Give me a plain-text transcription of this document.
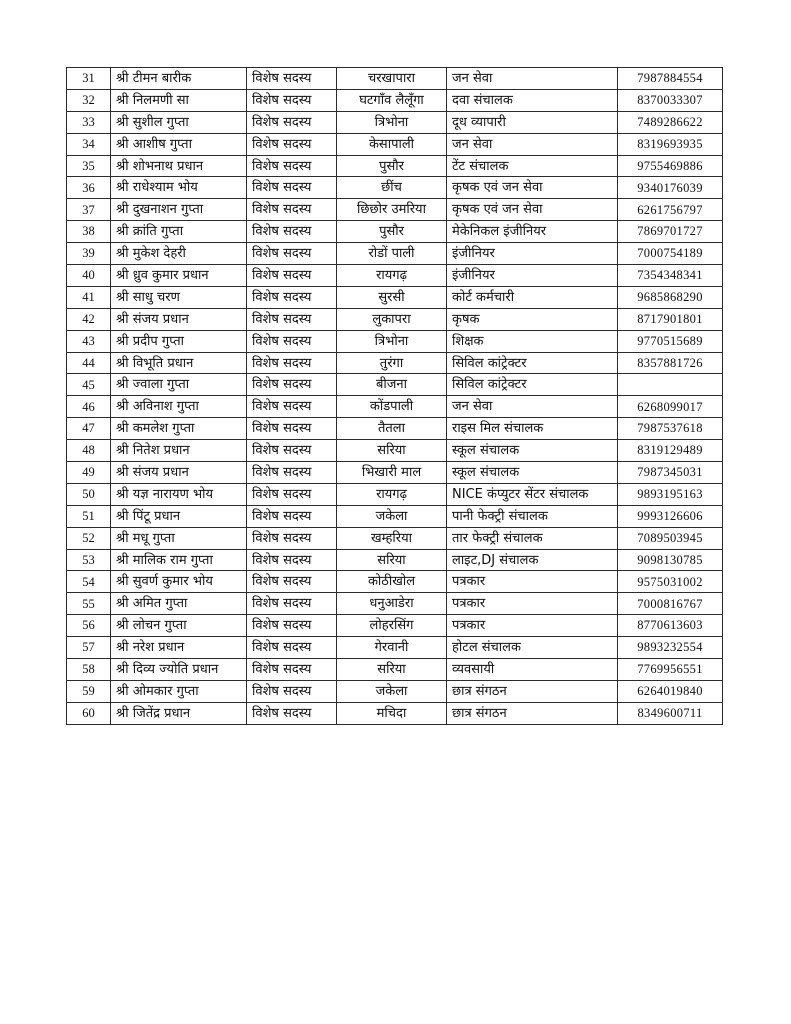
31	श्री टीमन बारीक	विशेष सदस्य	चरखापारा	जन सेवा	7987884554
32	श्री निलमणी सा	विशेष सदस्य	घटगाँव लैलूँगा	दवा संचालक	8370033307
33	श्री सुशील गुप्ता	विशेष सदस्य	त्रिभोना	दूध व्यापारी	7489286622
34	श्री आशीष गुप्ता	विशेष सदस्य	केसापाली	जन सेवा	8319693935
35	श्री शोभनाथ प्रधान	विशेष सदस्य	पुसौर	टेंट संचालक	9755469886
36	श्री राधेश्याम भोय	विशेष सदस्य	छींच	कृषक एवं जन सेवा	9340176039
37	श्री दुखनाशन गुप्ता	विशेष सदस्य	छिछोर उमरिया	कृषक एवं जन सेवा	6261756797
38	श्री क्रांति गुप्ता	विशेष सदस्य	पुसौर	मेकेनिकल इंजीनियर	7869701727
39	श्री मुकेश देहरी	विशेष सदस्य	रोडों पाली	इंजीनियर	7000754189
40	श्री ध्रुव कुमार प्रधान	विशेष सदस्य	रायगढ़	इंजीनियर	7354348341
41	श्री साधु चरण	विशेष सदस्य	सुरसी	कोर्ट कर्मचारी	9685868290
42	श्री संजय प्रधान	विशेष सदस्य	लुकापरा	कृषक	8717901801
43	श्री प्रदीप गुप्ता	विशेष सदस्य	त्रिभोना	शिक्षक	9770515689
44	श्री विभूति प्रधान	विशेष सदस्य	तुरंगा	सिविल कांट्रेक्टर	8357881726
45	श्री ज्वाला गुप्ता	विशेष सदस्य	बीजना	सिविल कांट्रेक्टर	
46	श्री अविनाश गुप्ता	विशेष सदस्य	कोंडपाली	जन सेवा	6268099017
47	श्री कमलेश गुप्ता	विशेष सदस्य	तैतला	राइस मिल संचालक	7987537618
48	श्री नितेश प्रधान	विशेष सदस्य	सरिया	स्कूल संचालक	8319129489
49	श्री संजय प्रधान	विशेष सदस्य	भिखारी माल	स्कूल संचालक	7987345031
50	श्री यज्ञ नारायण भोय	विशेष सदस्य	रायगढ़	NICE कंप्युटर सेंटर संचालक	9893195163
51	श्री पिंटू प्रधान	विशेष सदस्य	जकेला	पानी फेक्ट्री संचालक	9993126606
52	श्री मधू गुप्ता	विशेष सदस्य	खम्हरिया	तार फेक्ट्री संचालक	7089503945
53	श्री मालिक राम गुप्ता	विशेष सदस्य	सरिया	लाइट,DJ संचालक	9098130785
54	श्री सुवर्ण कुमार भोय	विशेष सदस्य	कोठीखोल	पत्रकार	9575031002
55	श्री अमित गुप्ता	विशेष सदस्य	धनुआडेरा	पत्रकार	7000816767
56	श्री लोचन गुप्ता	विशेष सदस्य	लोहरसिंग	पत्रकार	8770613603
57	श्री नरेश प्रधान	विशेष सदस्य	गेरवानी	होटल संचालक	9893232554
58	श्री दिव्य ज्योति प्रधान	विशेष सदस्य	सरिया	व्यवसायी	7769956551
59	श्री ओमकार गुप्ता	विशेष सदस्य	जकेला	छात्र संगठन	6264019840
60	श्री जितेंद्र प्रधान	विशेष सदस्य	मचिदा	छात्र संगठन	8349600711
